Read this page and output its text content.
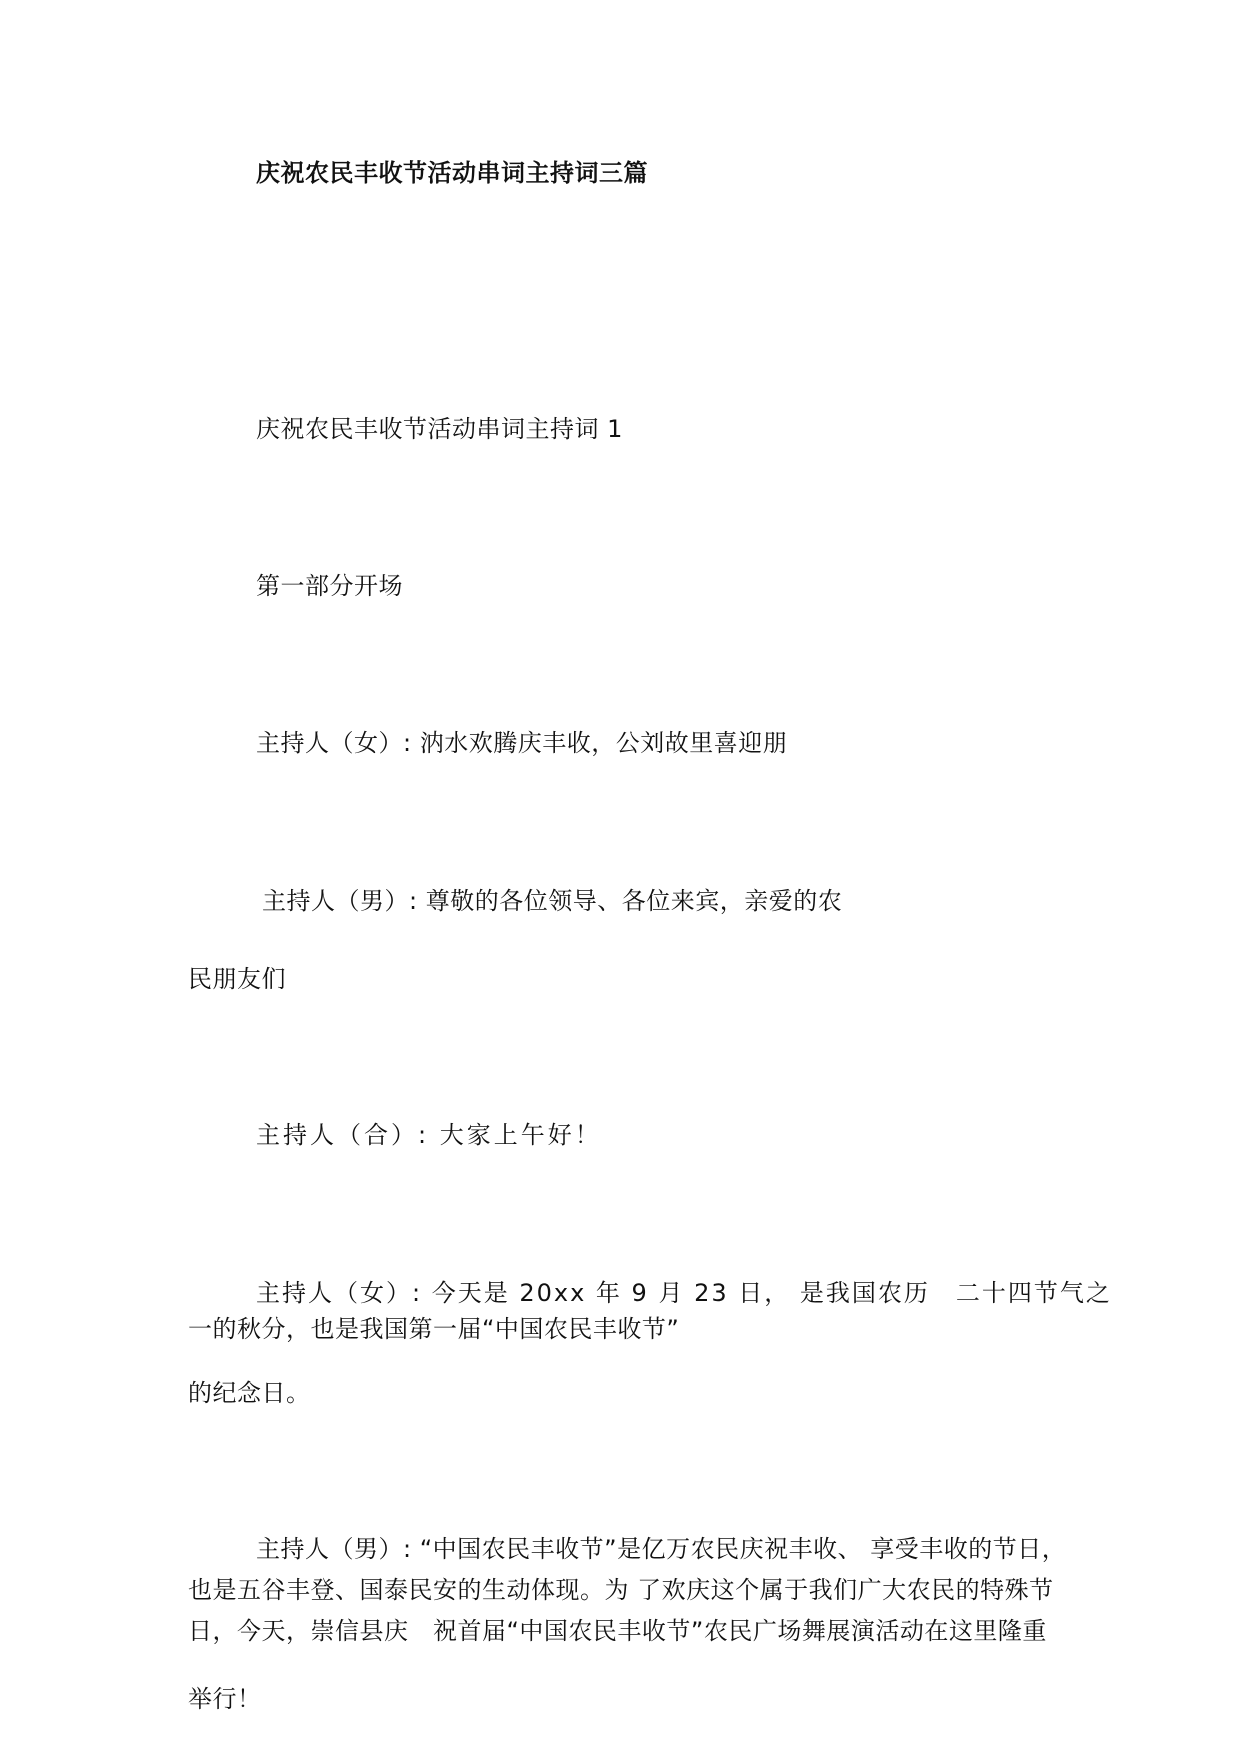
庆祝农民丰收节活动串词主持词三篇
庆祝农民丰收节活动串词主持词 1
第一部分开场
主持人（女）: 汭水欢腾庆丰收，公刘故里喜迎朋
主持人（男）: 尊敬的各位领导、各位来宾，亲爱的农
民朋友们
主持人（合）: 大家上午好！
主持人（女）: 今天是 20xx 年 9 月 23 日， 是我国农历　二十四节气之
一的秋分，也是我国第一届“中国农民丰收节”
的纪念日。
主持人（男）: “中国农民丰收节”是亿万农民庆祝丰收、 享受丰收的节日，
也是五谷丰登、国泰民安的生动体现。为 了欢庆这个属于我们广大农民的特殊节
日，今天，崇信县庆　祝首届“中国农民丰收节”农民广场舞展演活动在这里隆重
举行！
